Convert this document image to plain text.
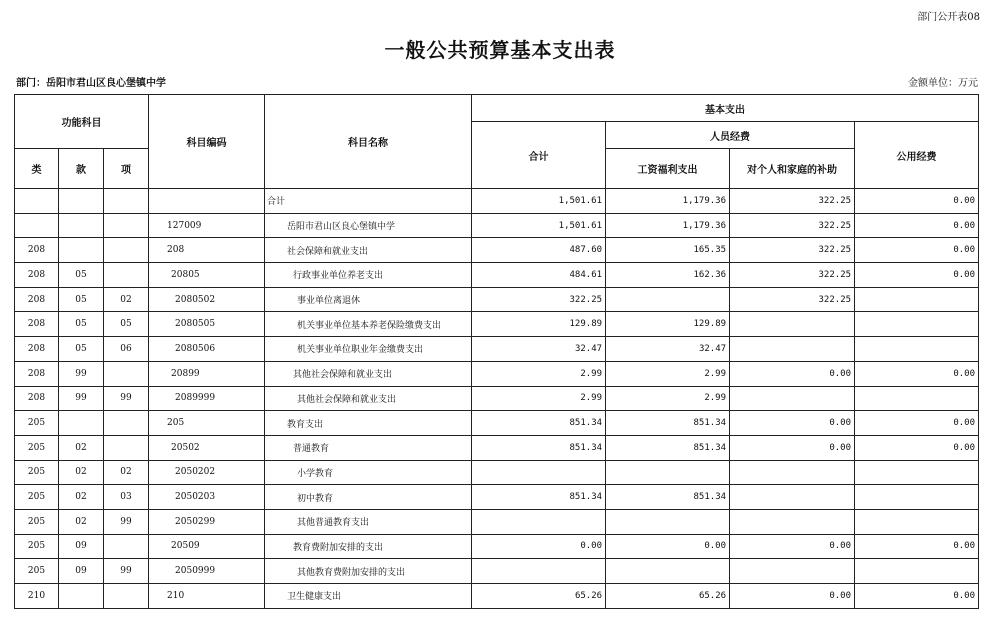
部门公开表08
一般公共预算基本支出表
部门：岳阳市君山区良心堡镇中学	金额单位：万元
功能科目			科目编码	科目名称	基本支出			
					合计	人员经费		公用经费
类	款	项				工资福利支出	对个人和家庭的补助	
				合计	1,501.61	1,179.36	322.25	0.00
			127009	岳阳市君山区良心堡镇中学	1,501.61	1,179.36	322.25	0.00
208			208	社会保障和就业支出	487.60	165.35	322.25	0.00
208	05		20805	行政事业单位养老支出	484.61	162.36	322.25	0.00
208	05	02	2080502	事业单位离退休	322.25		322.25	
208	05	05	2080505	机关事业单位基本养老保险缴费支出	129.89	129.89		
208	05	06	2080506	机关事业单位职业年金缴费支出	32.47	32.47		
208	99		20899	其他社会保障和就业支出	2.99	2.99	0.00	0.00
208	99	99	2089999	其他社会保障和就业支出	2.99	2.99		
205			205	教育支出	851.34	851.34	0.00	0.00
205	02		20502	普通教育	851.34	851.34	0.00	0.00
205	02	02	2050202	小学教育				
205	02	03	2050203	初中教育	851.34	851.34		
205	02	99	2050299	其他普通教育支出				
205	09		20509	教育费附加安排的支出	0.00	0.00	0.00	0.00
205	09	99	2050999	其他教育费附加安排的支出				
210			210	卫生健康支出	65.26	65.26	0.00	0.00
